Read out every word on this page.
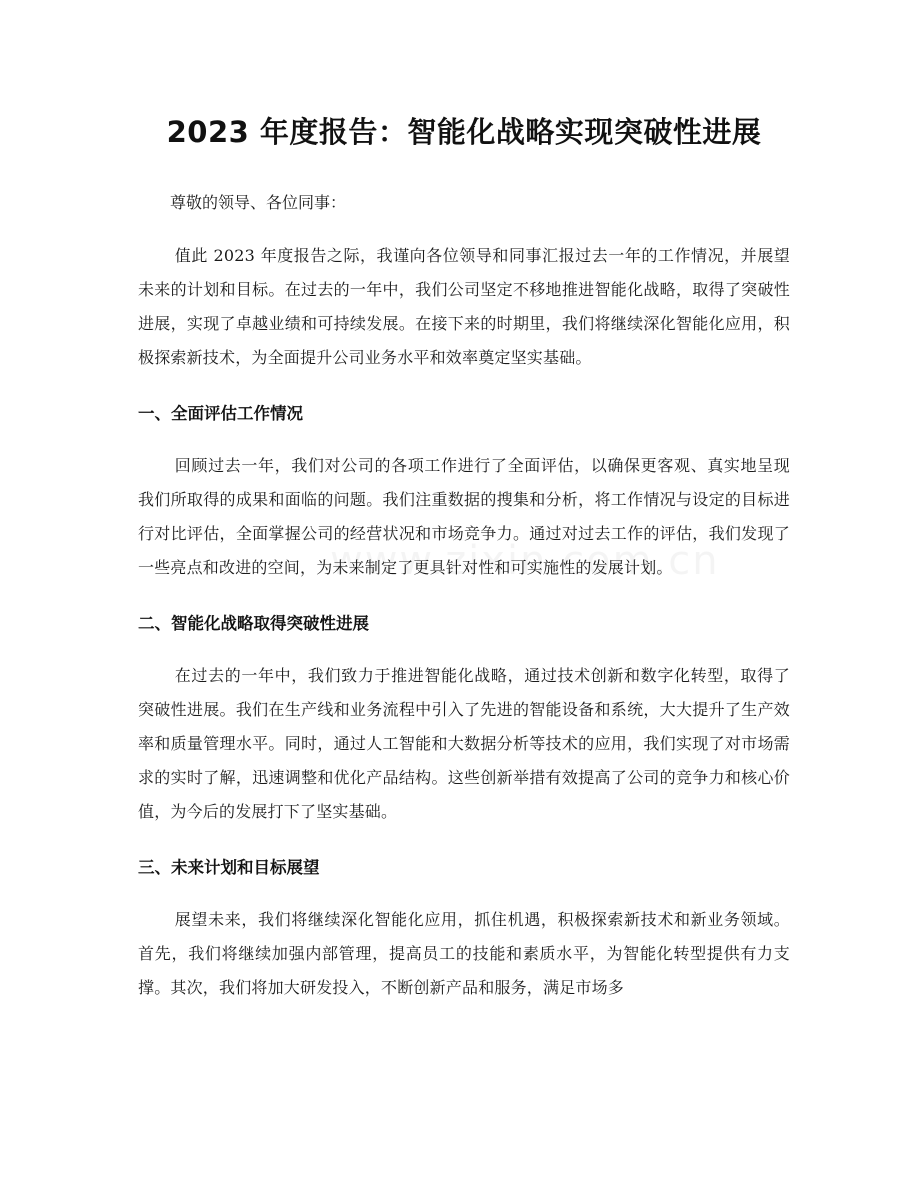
2023 年度报告：智能化战略实现突破性进展

尊敬的领导、各位同事：

值此 2023 年度报告之际，我谨向各位领导和同事汇报过去一年的工作情况，并展望未来的计划和目标。在过去的一年中，我们公司坚定不移地推进智能化战略，取得了突破性进展，实现了卓越业绩和可持续发展。在接下来的时期里，我们将继续深化智能化应用，积极探索新技术，为全面提升公司业务水平和效率奠定坚实基础。

一、全面评估工作情况

回顾过去一年，我们对公司的各项工作进行了全面评估，以确保更客观、真实地呈现我们所取得的成果和面临的问题。我们注重数据的搜集和分析，将工作情况与设定的目标进行对比评估，全面掌握公司的经营状况和市场竞争力。通过对过去工作的评估，我们发现了一些亮点和改进的空间，为未来制定了更具针对性和可实施性的发展计划。

二、智能化战略取得突破性进展

在过去的一年中，我们致力于推进智能化战略，通过技术创新和数字化转型，取得了突破性进展。我们在生产线和业务流程中引入了先进的智能设备和系统，大大提升了生产效率和质量管理水平。同时，通过人工智能和大数据分析等技术的应用，我们实现了对市场需求的实时了解，迅速调整和优化产品结构。这些创新举措有效提高了公司的竞争力和核心价值，为今后的发展打下了坚实基础。

三、未来计划和目标展望

展望未来，我们将继续深化智能化应用，抓住机遇，积极探索新技术和新业务领域。首先，我们将继续加强内部管理，提高员工的技能和素质水平，为智能化转型提供有力支撑。其次，我们将加大研发投入，不断创新产品和服务，满足市场多
